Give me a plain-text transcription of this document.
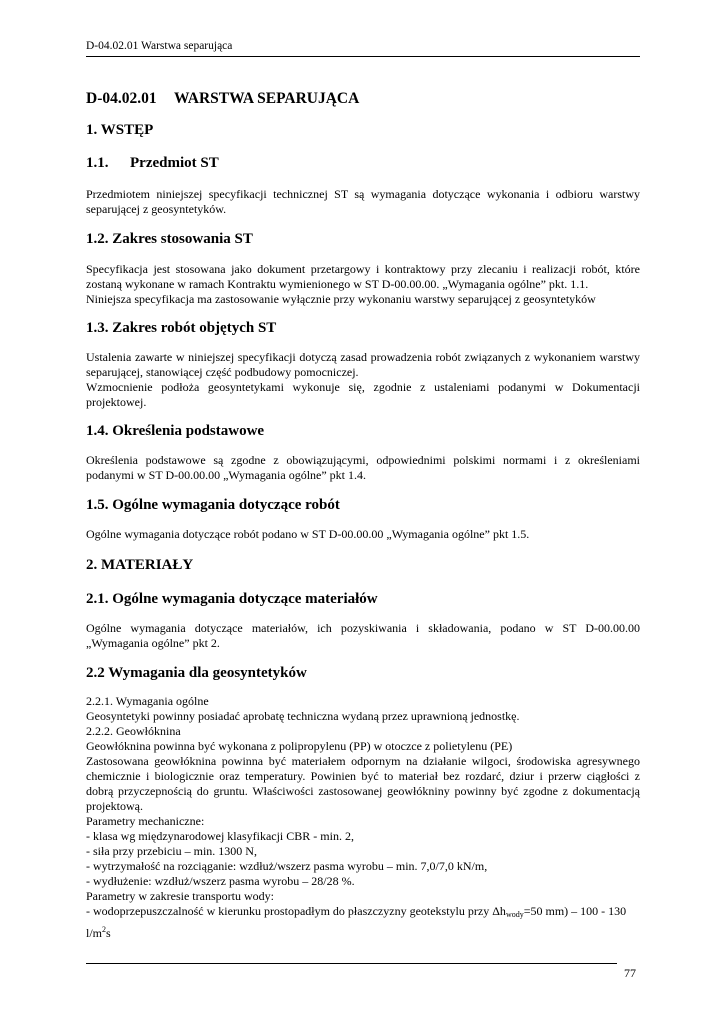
D-04.02.01 Warstwa separująca
D-04.02.01 WARSTWA SEPARUJĄCA
1. WSTĘP
1.1. Przedmiot ST
Przedmiotem niniejszej specyfikacji technicznej ST są wymagania dotyczące wykonania i odbioru warstwy
separującej z geosyntetyków.
1.2. Zakres stosowania ST
Specyfikacja jest stosowana jako dokument przetargowy i kontraktowy przy zlecaniu i realizacji robót, które
zostaną wykonane w ramach Kontraktu wymienionego w ST D-00.00.00. „Wymagania ogólne” pkt. 1.1.
Niniejsza specyfikacja ma zastosowanie wyłącznie przy wykonaniu warstwy separującej z geosyntetyków
1.3. Zakres robót objętych ST
Ustalenia zawarte w niniejszej specyfikacji dotyczą zasad prowadzenia robót związanych z wykonaniem warstwy
separującej, stanowiącej część podbudowy pomocniczej.
Wzmocnienie podłoża geosyntetykami wykonuje się, zgodnie z ustaleniami podanymi w Dokumentacji
projektowej.
1.4. Określenia podstawowe
Określenia podstawowe są zgodne z obowiązującymi, odpowiednimi polskimi normami i z określeniami
podanymi w ST D-00.00.00 „Wymagania ogólne” pkt 1.4.
1.5. Ogólne wymagania dotyczące robót
Ogólne wymagania dotyczące robót podano w ST D-00.00.00 „Wymagania ogólne” pkt 1.5.
2. MATERIAŁY
2.1. Ogólne wymagania dotyczące materiałów
Ogólne wymagania dotyczące materiałów, ich pozyskiwania i składowania, podano w ST D-00.00.00
„Wymagania ogólne” pkt 2.
2.2 Wymagania dla geosyntetyków
2.2.1. Wymagania ogólne
Geosyntetyki powinny posiadać aprobatę techniczna wydaną przez uprawnioną jednostkę.
2.2.2. Geowłóknina
Geowłóknina powinna być wykonana z polipropylenu (PP) w otoczce z polietylenu (PE)
Zastosowana geowłóknina powinna być materiałem odpornym na działanie wilgoci, środowiska agresywnego
chemicznie i biologicznie oraz temperatury. Powinien być to materiał bez rozdarć, dziur i przerw ciągłości z
dobrą przyczepnością do gruntu. Właściwości zastosowanej geowłókniny powinny być zgodne z dokumentacją
projektową.
Parametry mechaniczne:
- klasa wg międzynarodowej klasyfikacji CBR - min. 2,
- siła przy przebiciu – min. 1300 N,
- wytrzymałość na rozciąganie: wzdłuż/wszerz pasma wyrobu – min. 7,0/7,0 kN/m,
- wydłużenie: wzdłuż/wszerz pasma wyrobu – 28/28 %.
Parametry w zakresie transportu wody:
- wodoprzepuszczalność w kierunku prostopadłym do płaszczyzny geotekstylu przy $\Delta h_{wody}=50$ mm) – 100 - 130
$l/m^2s$
77
